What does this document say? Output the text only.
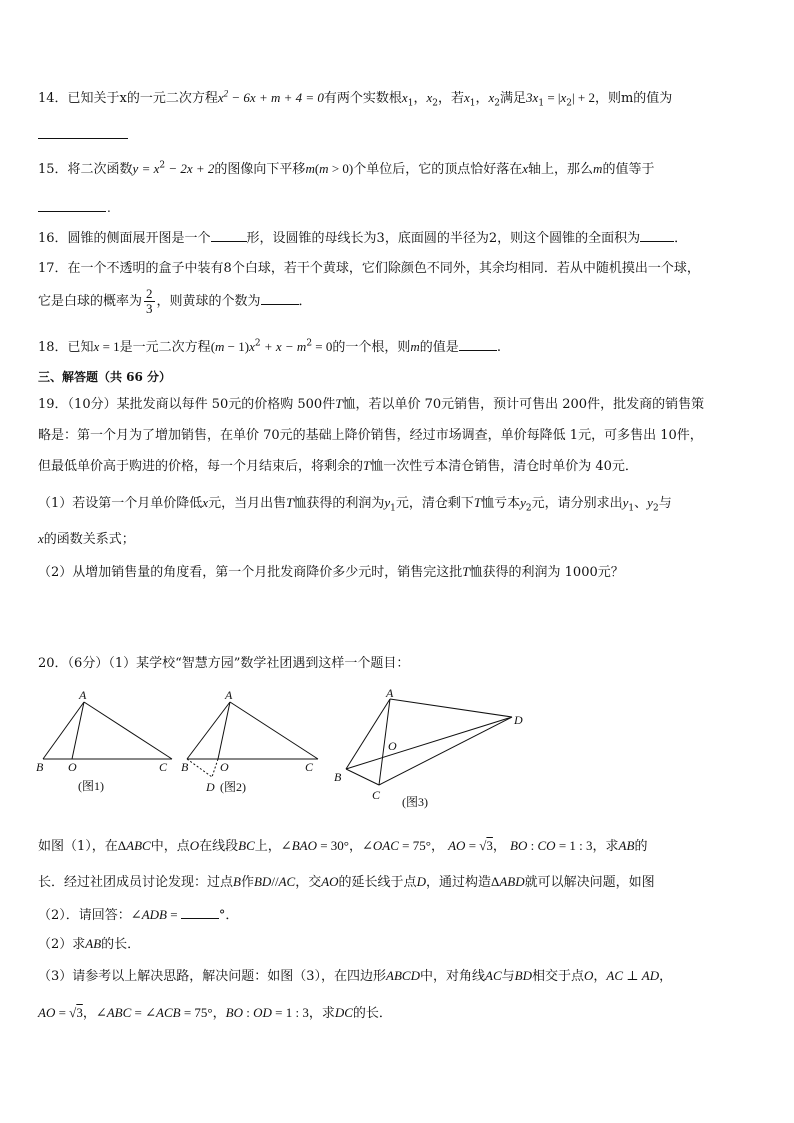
14．已知关于x的一元二次方程$x^2 - 6x + m + 4 = 0$有两个实数根$x_1$，$x_2$，若$x_1$，$x_2$满足$3x_1 = |x_2| + 2$，则m的值为
15．将二次函数$y = x^2 - 2x + 2$的图像向下平移m(m > 0)个单位后，它的顶点恰好落在x轴上，那么m的值等于
.
16．圆锥的侧面展开图是一个	形，设圆锥的母线长为3，底面圆的半径为2，则这个圆锥的全面积为	．
17．在一个不透明的盒子中装有8个白球，若干个黄球，它们除颜色不同外，其余均相同．若从中随机摸出一个球，
它是白球的概率为 $\frac{2}{3}$ ，则黄球的个数为	．
18．已知x = 1是一元二次方程$(m - 1)x^2 + x - m^2 = 0$的一个根，则m的值是	.
三、解答题（共 66 分）
19．（10分）某批发商以每件 50元的价格购 500件T恤，若以单价 70元销售，预计可售出 200件，批发商的销售策
略是：第一个月为了增加销售，在单价 70元的基础上降价销售，经过市场调查，单价每降低 1元，可多售出 10件，
但最低单价高于购进的价格，每一个月结束后，将剩余的T恤一次性亏本清仓销售，清仓时单价为 40元．
（1）若设第一个月单价降低x元，当月出售T恤获得的利润为$y_1$元，清仓剩下T恤亏本$y_2$元，请分别求出$y_1$、$y_2$与
x的函数关系式；
（2）从增加销售量的角度看，第一个月批发商降价多少元时，销售完这批T恤获得的利润为 1000元？
20．（6分）（1）某学校“智慧方园”数学社团遇到这样一个题目：
A
B O	C
(图1)
A
B	O	C
D (图2)
A
D
O
B
C (图3)
如图（1），在ΔABC中，点O在线段BC上，∠BAO = 30°，∠OAC = 75°， AO = √3， BO : CO = 1 : 3，求AB的
长．经过社团成员讨论发现：过点B作BD//AC，交AO的延长线于点D，通过构造ΔABD就可以解决问题，如图
（2）．请回答：∠ADB =	°．
（2）求AB的长．
（3）请参考以上解决思路，解决问题：如图（3），在四边形ABCD中，对角线AC与BD相交于点O，AC ⊥ AD，
AO = √3，∠ABC = ∠ACB = 75°，BO : OD = 1 : 3，求DC的长．
